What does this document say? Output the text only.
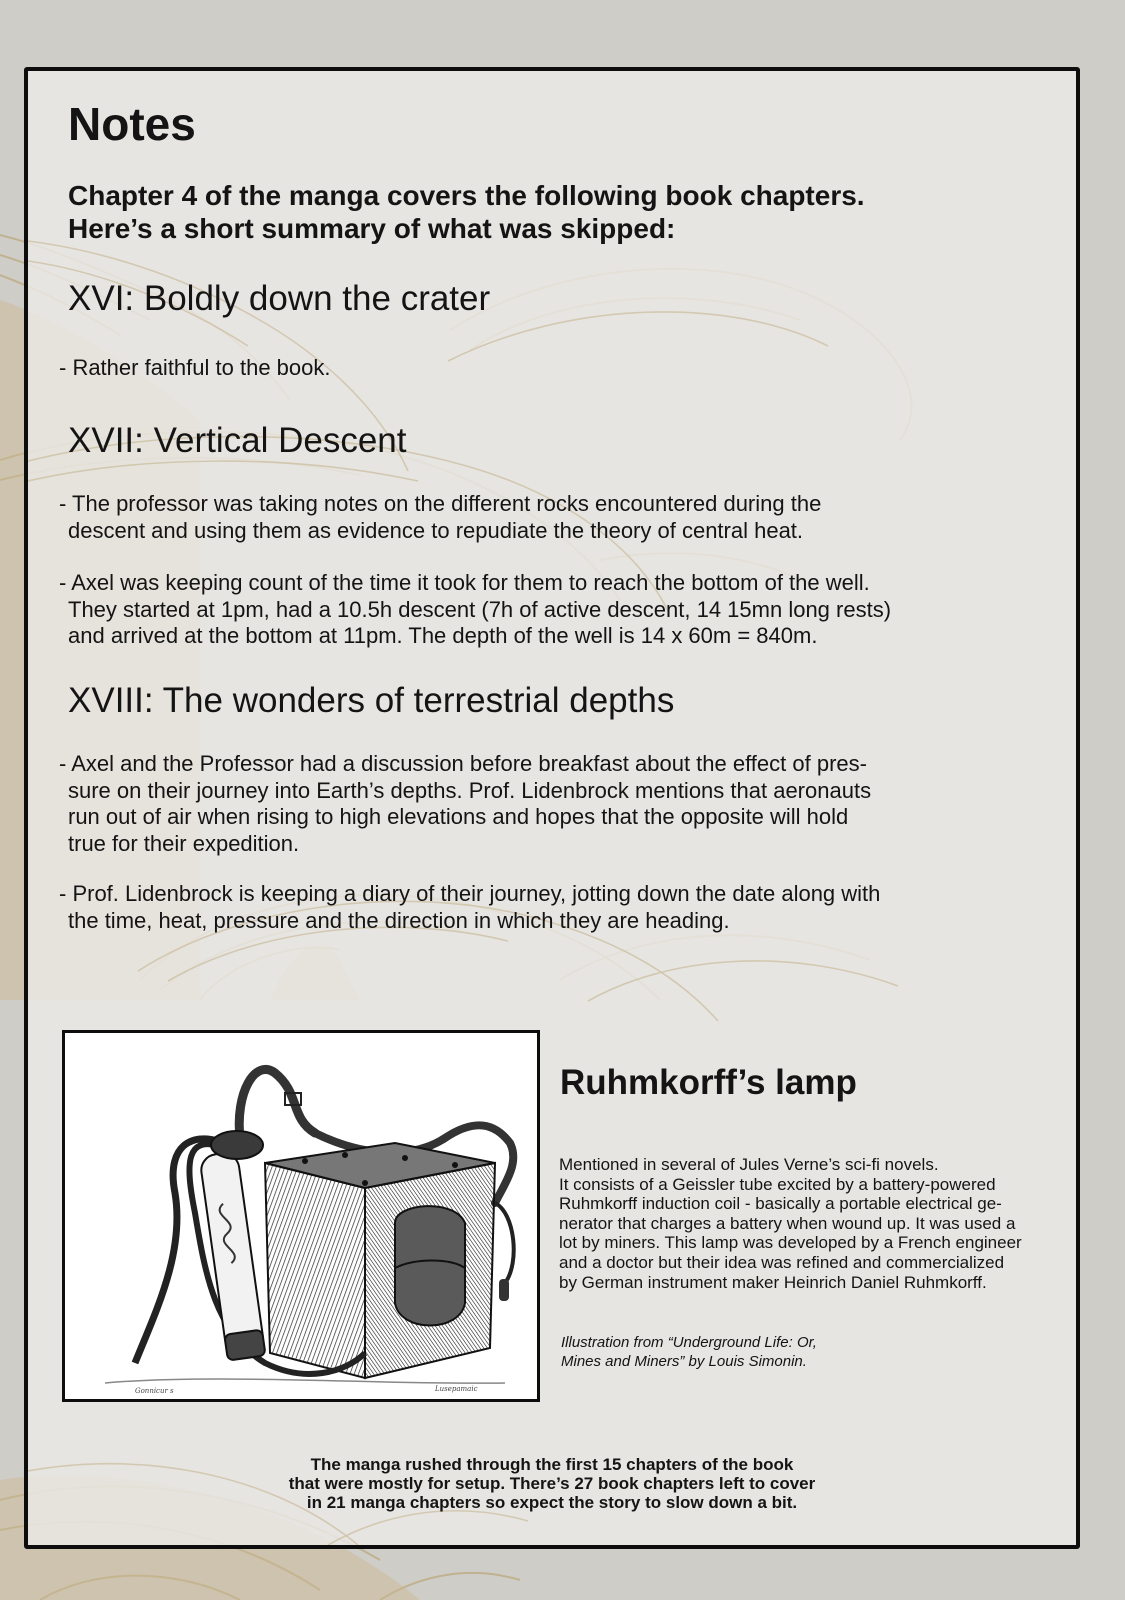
Notes
Chapter 4 of the manga covers the following book chapters.
Here’s a short summary of what was skipped:
XVI: Boldly down the crater
- Rather faithful to the book.
XVII: Vertical Descent
- The professor was taking notes on the different rocks encountered during the
descent and using them as evidence to repudiate the theory of central heat.
- Axel was keeping count of the time it took for them to reach the bottom of the well.
They started at 1pm, had a 10.5h descent (7h of active descent, 14 15mn long rests)
and arrived at the bottom at 11pm. The depth of the well is 14 x 60m = 840m.
XVIII: The wonders of terrestrial depths
- Axel and the Professor had a discussion before breakfast about the effect of pres-
sure on their journey into Earth’s depths. Prof. Lidenbrock mentions that aeronauts
run out of air when rising to high elevations and hopes that the opposite will hold
true for their expedition.
- Prof. Lidenbrock is keeping a diary of their journey, jotting down the date along with
the time, heat, pressure and the direction in which they are heading.
Gonnicur s	Lusepamaic
Ruhmkorff’s lamp
Mentioned in several of Jules Verne’s sci-fi novels.
It consists of a Geissler tube excited by a battery-powered
Ruhmkorff induction coil - basically a portable electrical ge-
nerator that charges a battery when wound up. It was used a
lot by miners. This lamp was developed by a French engineer
and a doctor but their idea was refined and commercialized
by German instrument maker Heinrich Daniel Ruhmkorff.
Illustration from “Underground Life: Or,
Mines and Miners” by Louis Simonin.
The manga rushed through the first 15 chapters of the book
that were mostly for setup. There’s 27 book chapters left to cover
in 21 manga chapters so expect the story to slow down a bit.
